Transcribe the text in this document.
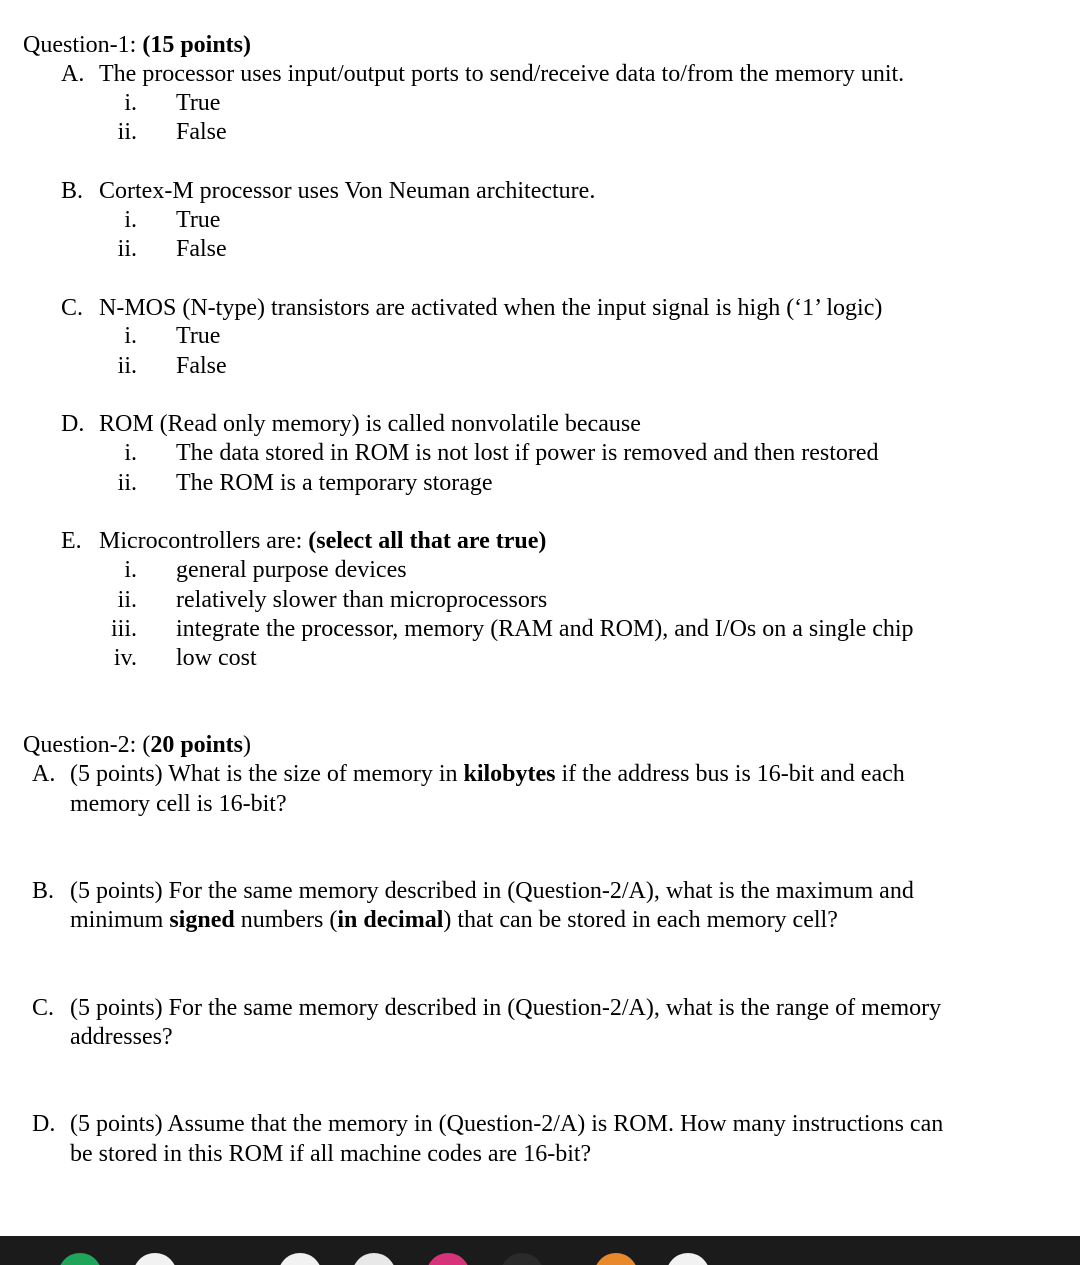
Question-1: (15 points)
A. The processor uses input/output ports to send/receive data to/from the memory unit.
i. True
ii. False
B. Cortex-M processor uses Von Neuman architecture.
i. True
ii. False
C. N-MOS (N-type) transistors are activated when the input signal is high (‘1’ logic)
i. True
ii. False
D. ROM (Read only memory) is called nonvolatile because
i. The data stored in ROM is not lost if power is removed and then restored
ii. The ROM is a temporary storage
E. Microcontrollers are: (select all that are true)
i. general purpose devices
ii. relatively slower than microprocessors
iii. integrate the processor, memory (RAM and ROM), and I/Os on a single chip
iv. low cost
Question-2: (20 points)
A. (5 points) What is the size of memory in kilobytes if the address bus is 16-bit and each
memory cell is 16-bit?
B. (5 points) For the same memory described in (Question-2/A), what is the maximum and
minimum signed numbers (in decimal) that can be stored in each memory cell?
C. (5 points) For the same memory described in (Question-2/A), what is the range of memory
addresses?
D. (5 points) Assume that the memory in (Question-2/A) is ROM. How many instructions can
be stored in this ROM if all machine codes are 16-bit?
